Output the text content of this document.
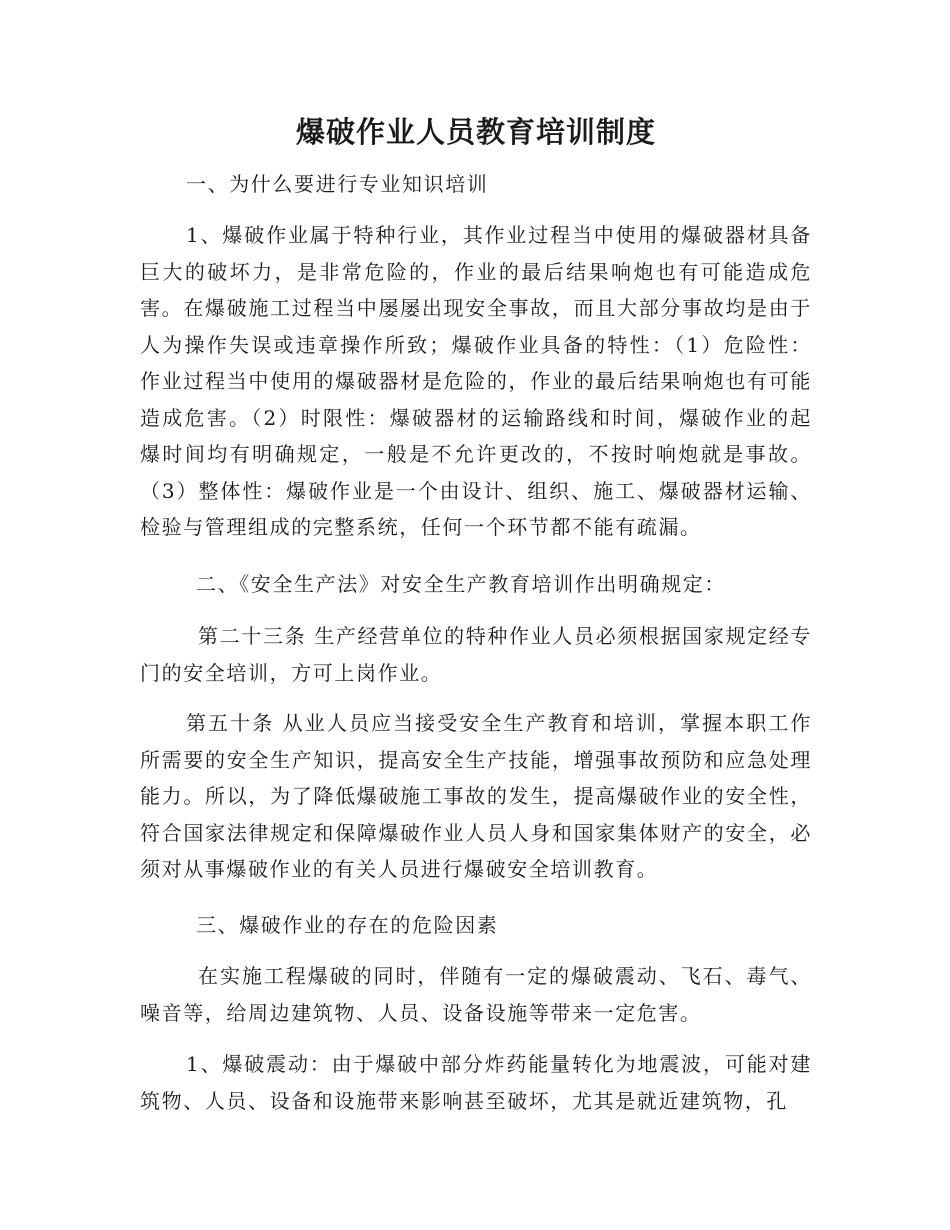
爆破作业人员教育培训制度

一、为什么要进行专业知识培训

1、爆破作业属于特种行业，其作业过程当中使用的爆破器材具备巨大的破坏力，是非常危险的，作业的最后结果响炮也有可能造成危害。在爆破施工过程当中屡屡出现安全事故，而且大部分事故均是由于人为操作失误或违章操作所致；爆破作业具备的特性：（1）危险性：作业过程当中使用的爆破器材是危险的，作业的最后结果响炮也有可能造成危害。（2）时限性：爆破器材的运输路线和时间，爆破作业的起爆时间均有明确规定，一般是不允许更改的，不按时响炮就是事故。（3）整体性：爆破作业是一个由设计、组织、施工、爆破器材运输、检验与管理组成的完整系统，任何一个环节都不能有疏漏。

二、《安全生产法》对安全生产教育培训作出明确规定：

第二十三条 生产经营单位的特种作业人员必须根据国家规定经专门的安全培训，方可上岗作业。

第五十条 从业人员应当接受安全生产教育和培训，掌握本职工作所需要的安全生产知识，提高安全生产技能，增强事故预防和应急处理能力。所以，为了降低爆破施工事故的发生，提高爆破作业的安全性，符合国家法律规定和保障爆破作业人员人身和国家集体财产的安全，必须对从事爆破作业的有关人员进行爆破安全培训教育。

三、爆破作业的存在的危险因素

在实施工程爆破的同时，伴随有一定的爆破震动、飞石、毒气、噪音等，给周边建筑物、人员、设备设施等带来一定危害。

1、爆破震动：由于爆破中部分炸药能量转化为地震波，可能对建筑物、人员、设备和设施带来影响甚至破坏，尤其是就近建筑物，孔
